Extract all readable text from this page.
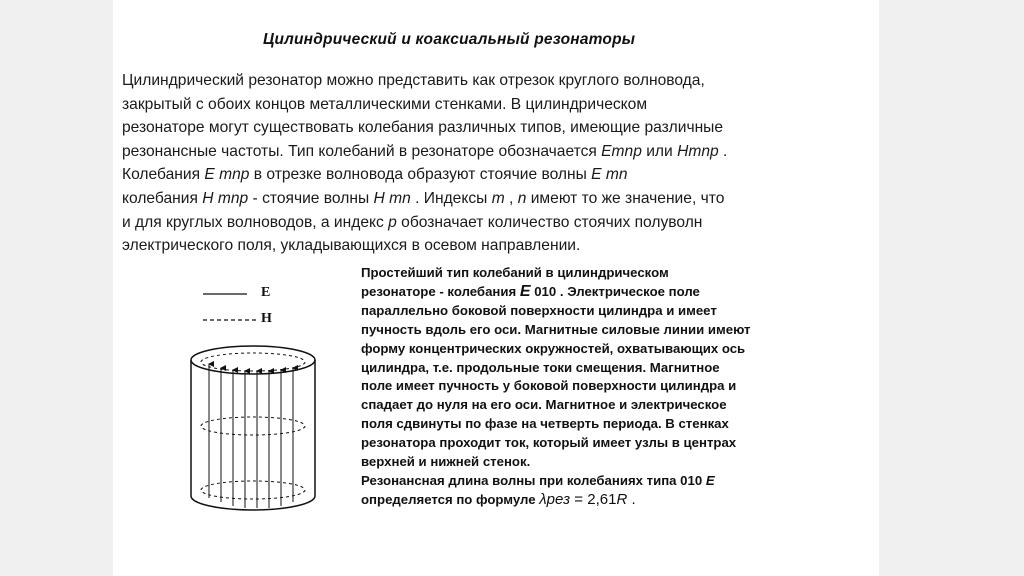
Цилиндрический и коаксиальный резонаторы
Цилиндрический резонатор можно представить как отрезок круглого волновода,
закрытый с обоих концов металлическими стенками. В цилиндрическом
резонаторе могут существовать колебания различных типов, имеющие различные
резонансные частоты. Тип колебаний в резонаторе обозначается Emnp или Hmnp .
Колебания E mnp в отрезке волновода образуют стоячие волны E mn
колебания H mnp - стоячие волны H mn . Индексы m , n имеют то же значение, что
и для круглых волноводов, а индекс p обозначает количество стоячих полуволн
электрического поля, укладывающихся в осевом направлении.
E
H
Простейший тип колебаний в цилиндрическом
резонаторе - колебания E 010 . Электрическое поле
параллельно боковой поверхности цилиндра и имеет
пучность вдоль его оси. Магнитные силовые линии имеют
форму концентрических окружностей, охватывающих ось
цилиндра, т.е. продольные токи смещения. Магнитное
поле имеет пучность у боковой поверхности цилиндра и
спадает до нуля на его оси. Магнитное и электрическое
поля сдвинуты по фазе на четверть периода. В стенках
резонатора проходит ток, который имеет узлы в центрах
верхней и нижней стенок.
Резонансная длина волны при колебаниях типа 010 E
определяется по формуле λрез = 2,61R .
